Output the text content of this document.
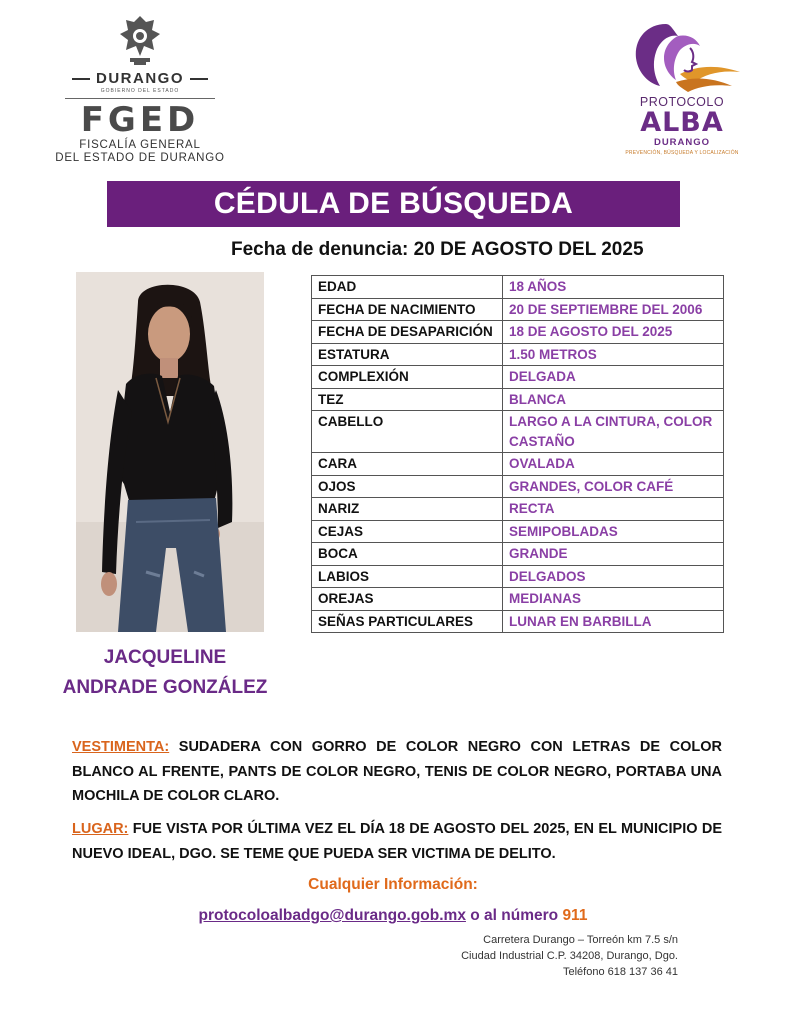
DURANGO
GOBIERNO DEL ESTADO
FGED
FISCALÍA GENERAL
DEL ESTADO DE DURANGO
PROTOCOLO
ALBA
DURANGO
PREVENCIÓN, BÚSQUEDA Y LOCALIZACIÓN
CÉDULA DE BÚSQUEDA
Fecha de denuncia: 20 DE AGOSTO DEL 2025
JACQUELINE
ANDRADE GONZÁLEZ
EDAD	18 AÑOS
FECHA DE NACIMIENTO	20 DE SEPTIEMBRE DEL 2006
FECHA DE DESAPARICIÓN	18 DE AGOSTO DEL 2025
ESTATURA	1.50 METROS
COMPLEXIÓN	DELGADA
TEZ	BLANCA
CABELLO	LARGO A LA CINTURA, COLOR CASTAÑO
CARA	OVALADA
OJOS	GRANDES, COLOR CAFÉ
NARIZ	RECTA
CEJAS	SEMIPOBLADAS
BOCA	GRANDE
LABIOS	DELGADOS
OREJAS	MEDIANAS
SEÑAS PARTICULARES	LUNAR EN BARBILLA
VESTIMENTA: SUDADERA CON GORRO DE COLOR NEGRO CON LETRAS DE COLOR BLANCO AL FRENTE, PANTS DE COLOR NEGRO, TENIS DE COLOR NEGRO, PORTABA UNA MOCHILA DE COLOR CLARO.
LUGAR: FUE VISTA POR ÚLTIMA VEZ EL DÍA 18 DE AGOSTO DEL 2025, EN EL MUNICIPIO DE NUEVO IDEAL, DGO. SE TEME QUE PUEDA SER VICTIMA DE DELITO.
Cualquier Información:
protocoloalbadgo@durango.gob.mx o al número 911
Carretera Durango – Torreón km 7.5 s/n
Ciudad Industrial C.P. 34208, Durango, Dgo.
Teléfono 618 137 36 41
